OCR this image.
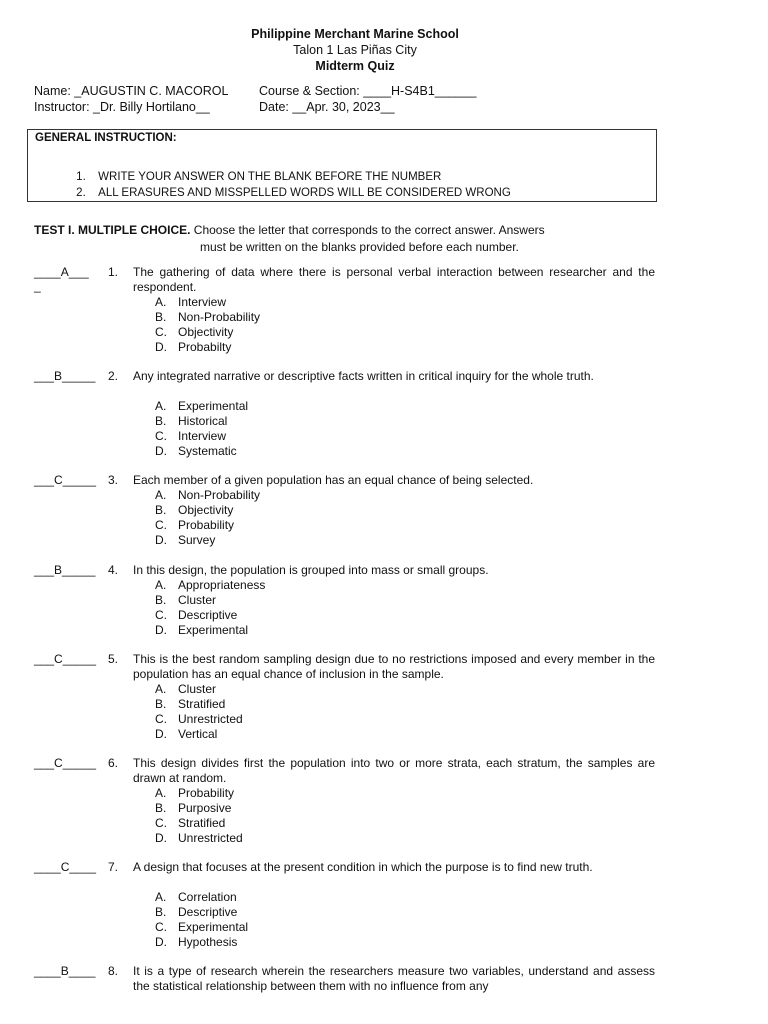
Philippine Merchant Marine School
Talon 1 Las Piñas City
Midterm Quiz
Name: _AUGUSTIN C. MACOROL Course & Section: ____H-S4B1______
Instructor: _Dr. Billy Hortilano__	Date: __Apr. 30, 2023__
GENERAL INSTRUCTION:

1. WRITE YOUR ANSWER ON THE BLANK BEFORE THE NUMBER

2. ALL ERASURES AND MISSPELLED WORDS WILL BE CONSIDERED WRONG

TEST I. MULTIPLE CHOICE. Choose the letter that corresponds to the correct answer. Answers
must be written on the blanks provided before each number.
____A___
_
1. The gathering of data where there is personal verbal interaction between researcher and the respondent.
A. Interview
B. Non-Probability
C. Objectivity
D. Probabilty
___B_____ 2. Any integrated narrative or descriptive facts written in critical inquiry for the whole truth.
A. Experimental
B. Historical
C. Interview
D. Systematic
___C_____ 3. Each member of a given population has an equal chance of being selected.
A. Non-Probability
B. Objectivity
C. Probability
D. Survey
___B_____ 4. In this design, the population is grouped into mass or small groups.
A. Appropriateness
B. Cluster
C. Descriptive
D. Experimental
___C_____ 5. This is the best random sampling design due to no restrictions imposed and every member in the population has an equal chance of inclusion in the sample.
A. Cluster
B. Stratified
C. Unrestricted
D. Vertical
___C_____ 6. This design divides first the population into two or more strata, each stratum, the samples are drawn at random.
A. Probability
B. Purposive
C. Stratified
D. Unrestricted
____C____ 7. A design that focuses at the present condition in which the purpose is to find new truth.
A. Correlation
B. Descriptive
C. Experimental
D. Hypothesis
____B____ 8. It is a type of research wherein the researchers measure two variables, understand and assess the statistical relationship between them with no influence from any
